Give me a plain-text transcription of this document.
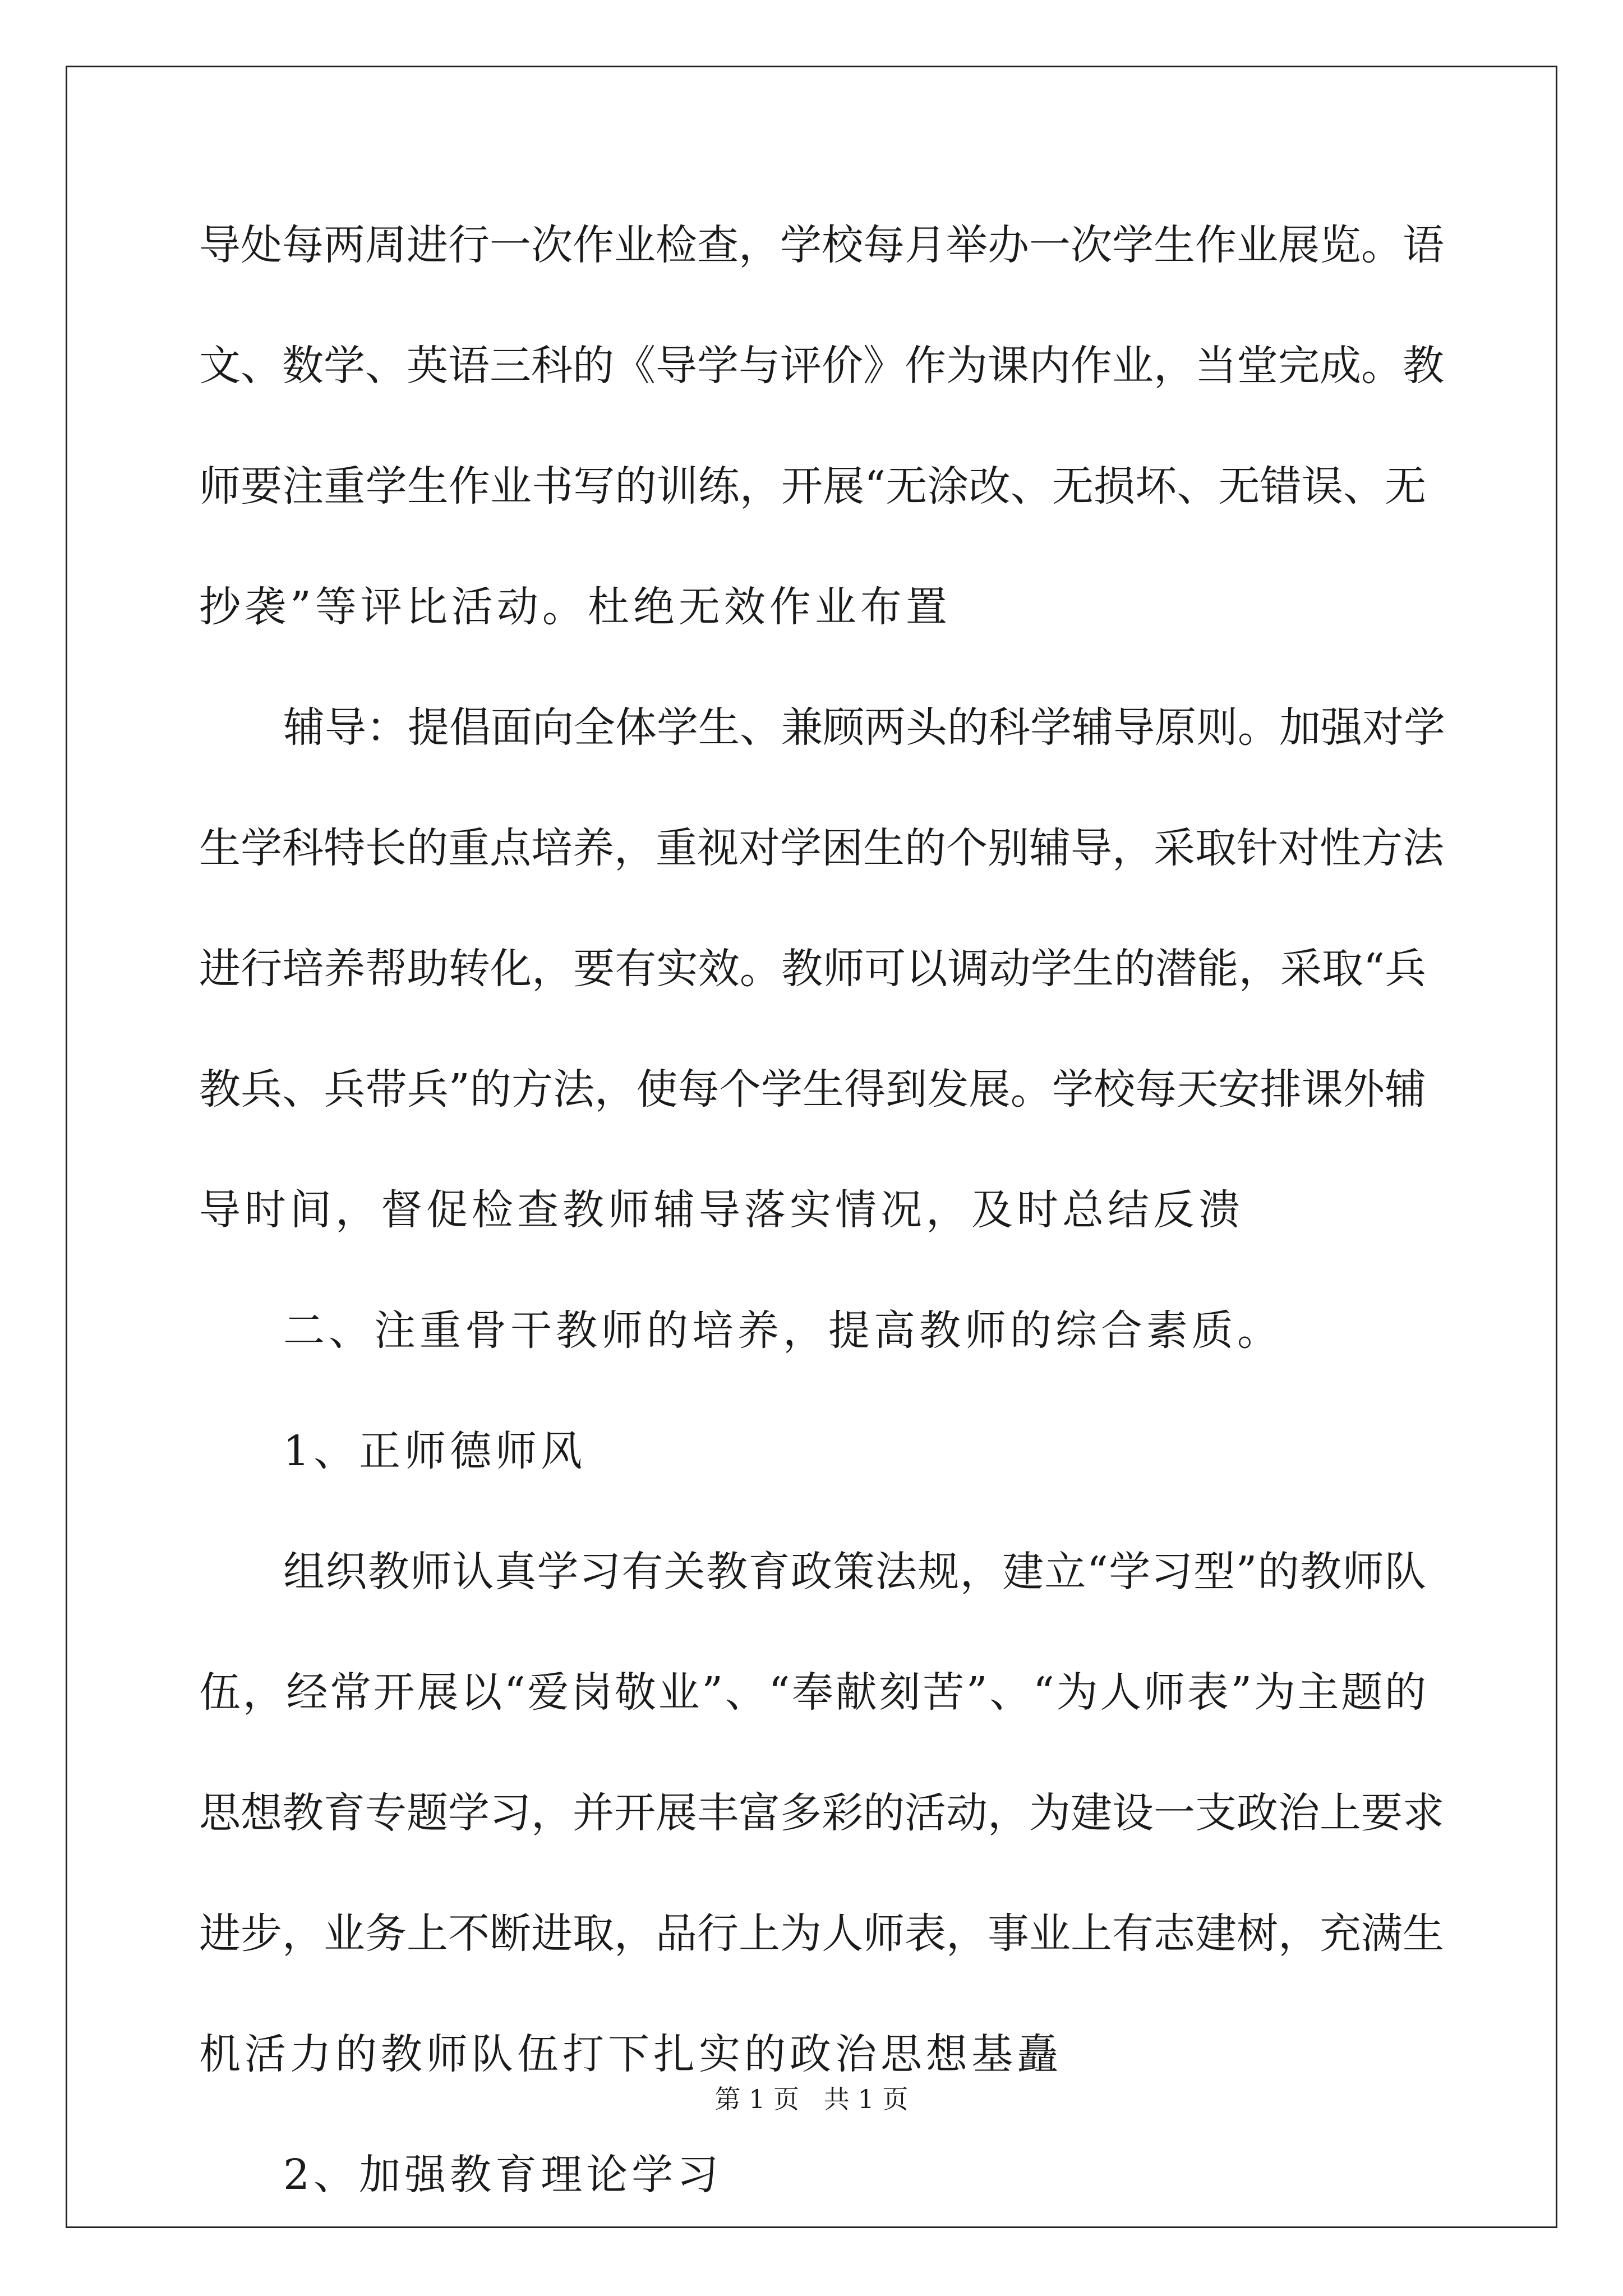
导处每两周进行一次作业检查，学校每月举办一次学生作业展览。语
文、数学、英语三科的《导学与评价》作为课内作业，当堂完成。教
师要注重学生作业书写的训练，开展“无涂改、无损坏、无错误、无
抄袭”等评比活动。杜绝无效作业布置
辅导：提倡面向全体学生、兼顾两头的科学辅导原则。加强对学
生学科特长的重点培养，重视对学困生的个别辅导，采取针对性方法
进行培养帮助转化，要有实效。教师可以调动学生的潜能，采取“兵
教兵、兵带兵”的方法，使每个学生得到发展。学校每天安排课外辅
导时间，督促检查教师辅导落实情况，及时总结反溃
二、注重骨干教师的培养，提高教师的综合素质。
1、正师德师风
组织教师认真学习有关教育政策法规，建立“学习型”的教师队
伍，经常开展以“爱岗敬业”、“奉献刻苦”、“为人师表”为主题的
思想教育专题学习，并开展丰富多彩的活动，为建设一支政治上要求
进步，业务上不断进取，品行上为人师表，事业上有志建树，充满生
机活力的教师队伍打下扎实的政治思想基矗
2、加强教育理论学习
第 1 页   共 1 页
